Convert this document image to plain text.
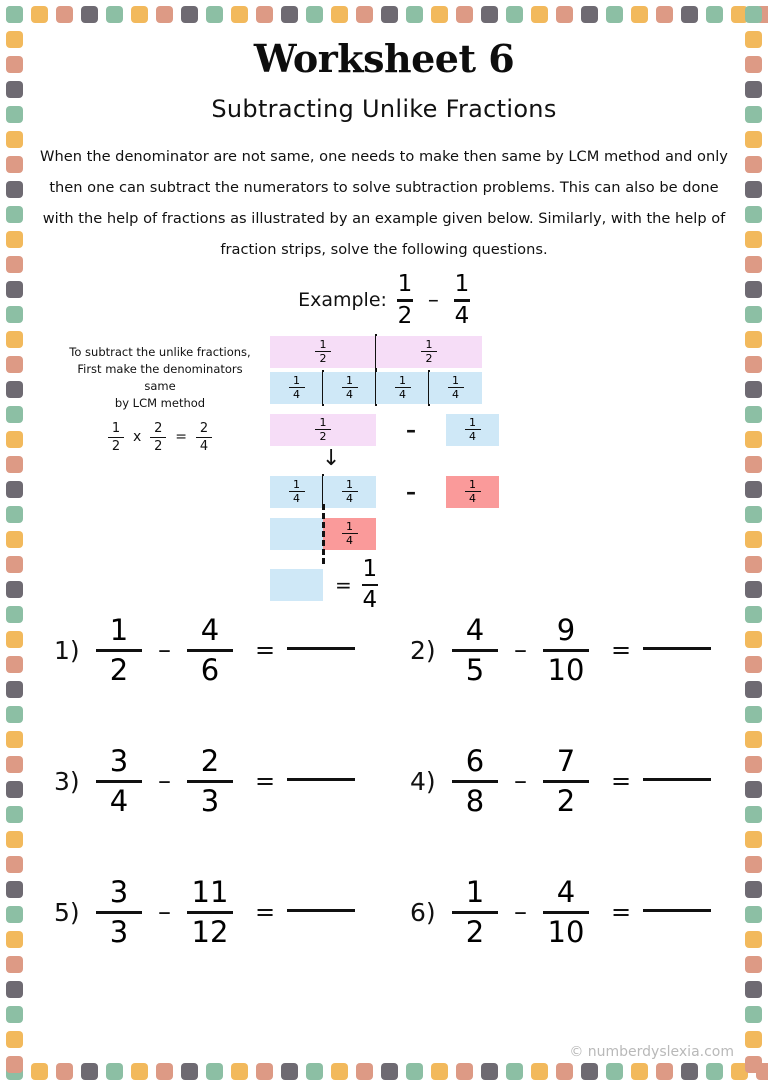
Worksheet 6
Subtracting Unlike Fractions
When the denominator are not same, one needs to make then same by LCM method and only then one can subtract the numerators to solve subtraction problems. This can also be done with the help of fractions as illustrated by an example given below. Similarly, with the help of fraction strips, solve the following questions.
Example: $\frac{1}{2} - \frac{1}{4}$
To subtract the unlike fractions,
First make the denominators same
by LCM method
$\frac{1}{2}$ x $\frac{2}{2} = \frac{2}{4}$
$\frac{1}{2}$	$\frac{1}{2}$
$\frac{1}{4}$	$\frac{1}{4}$	$\frac{1}{4}$	$\frac{1}{4}$
$\frac{1}{2}$	–	$\frac{1}{4}$
↓
$\frac{1}{4}$	$\frac{1}{4}$	–	$\frac{1}{4}$
$\frac{1}{4}$
= $\frac{1}{4}$
$1) \frac{1}{2} - \frac{4}{6}$ =	$2) \frac{4}{5} - \frac{9}{10}$ =
$3) \frac{3}{4} - \frac{2}{3}$ =	$4) \frac{6}{8} - \frac{7}{2}$ =
$5) \frac{3}{3} - \frac{11}{12}$ =	$6) \frac{1}{2} - \frac{4}{10}$ =
© numberdyslexia.com
